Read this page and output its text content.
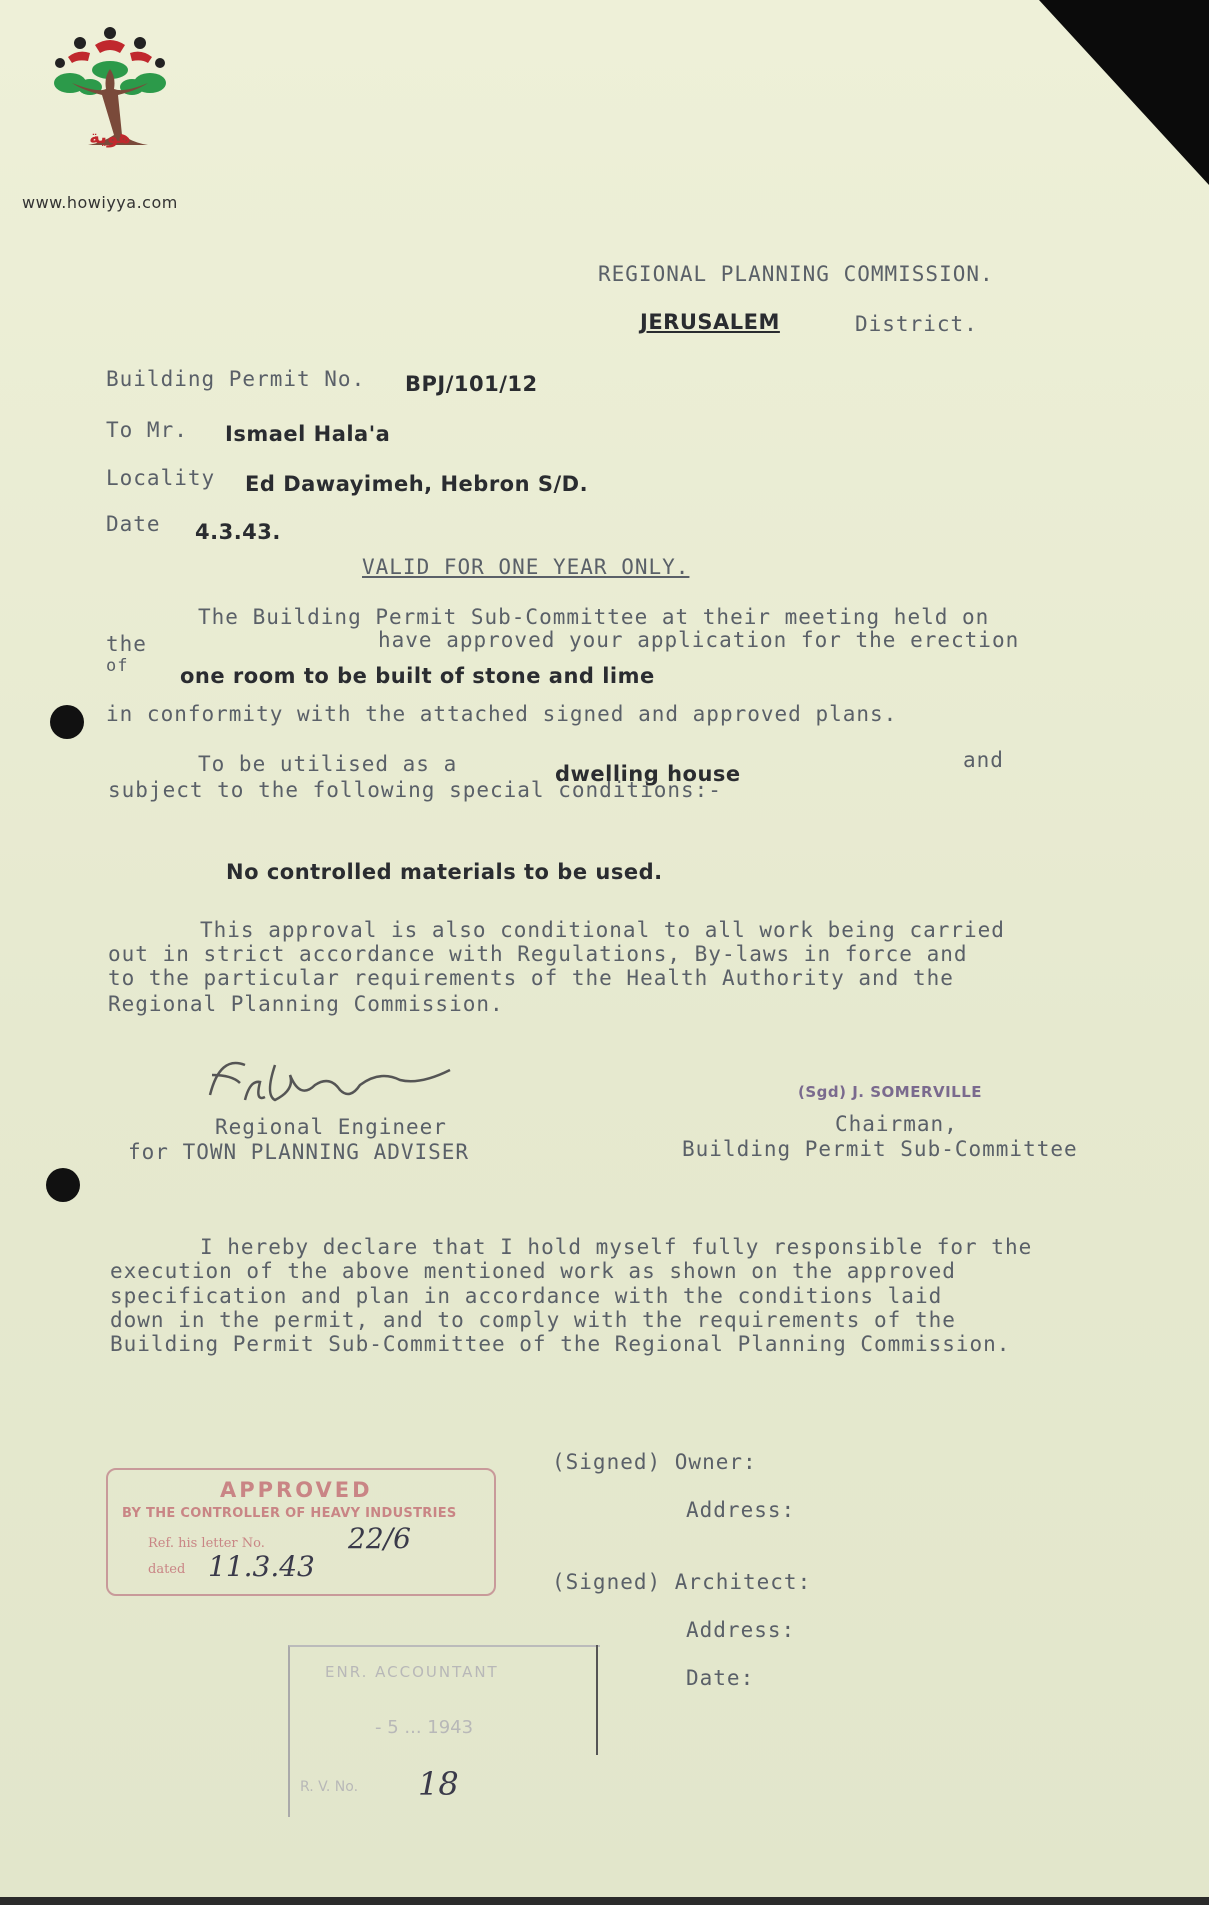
هوية
www.howiyya.com
REGIONAL PLANNING COMMISSION.
JERUSALEM	District.
Building Permit No. BPJ/101/12
To Mr. Ismael Hala'a
Locality Ed Dawayimeh, Hebron S/D.
Date 4.3.43.
VALID FOR ONE YEAR ONLY.
The Building Permit Sub-Committee at their meeting held on
the	have approved your application for the erection
of one room to be built of stone and lime
in conformity with the attached signed and approved plans.
To be utilised as a	and
subject to the following special conditions:-
dwelling house
No controlled materials to be used.
This approval is also conditional to all work being carried
out in strict accordance with Regulations, By-laws in force and
to the particular requirements of the Health Authority and the
Regional Planning Commission.
Regional Engineer
for TOWN PLANNING ADVISER
(Sgd) J. SOMERVILLE
Chairman,
Building Permit Sub-Committee
I hereby declare that I hold myself fully responsible for the
execution of the above mentioned work as shown on the approved
specification and plan in accordance with the conditions laid
down in the permit, and to comply with the requirements of the
Building Permit Sub-Committee of the Regional Planning Commission.
(Signed) Owner:
Address:
(Signed) Architect:
Address:
Date:
APPROVED
BY THE CONTROLLER OF HEAVY INDUSTRIES
Ref. his letter No.	22/6
dated 11.3.43
ENR. ACCOUNTANT
- 5 ... 1943
R. V. No. 18
